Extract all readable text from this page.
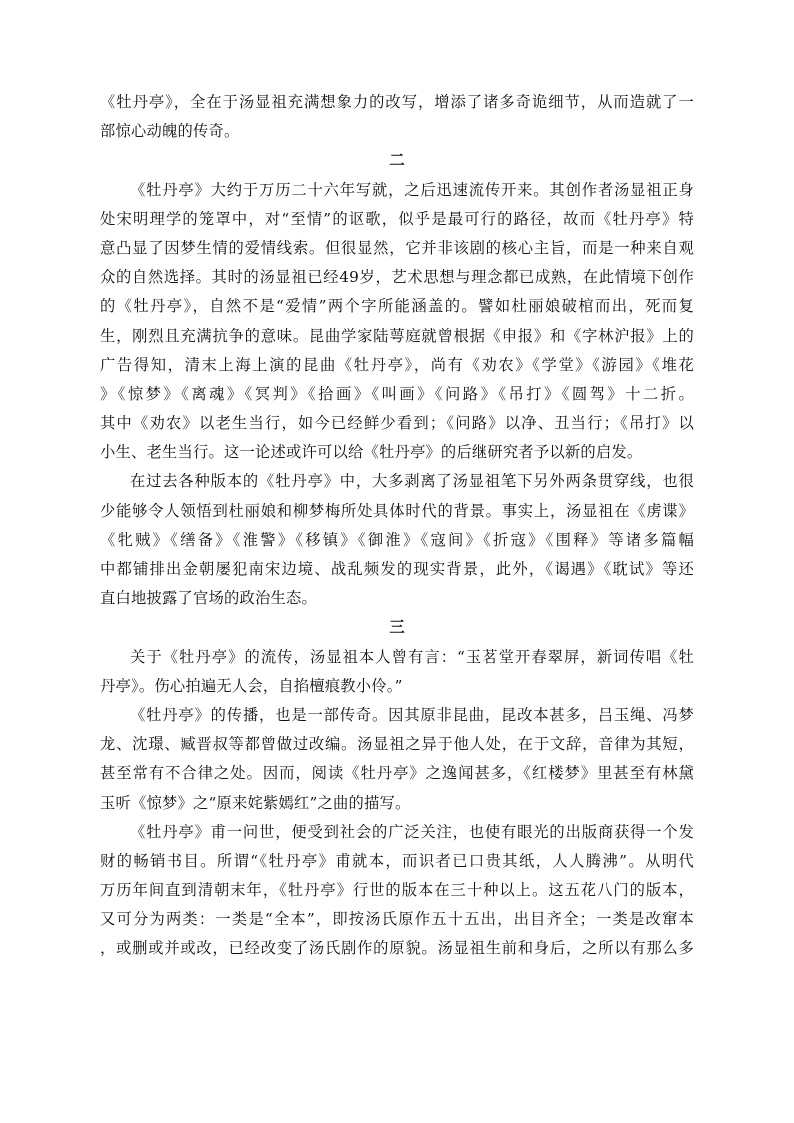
《牡丹亭》，全在于汤显祖充满想象力的改写，增添了诸多奇诡细节，从而造就了一

部惊心动魄的传奇。

二

《牡丹亭》大约于万历二十六年写就，之后迅速流传开来。其创作者汤显祖正身

处宋明理学的笼罩中，对“至情”的讴歌，似乎是最可行的路径，故而《牡丹亭》特

意凸显了因梦生情的爱情线索。但很显然，它并非该剧的核心主旨，而是一种来自观

众的自然选择。其时的汤显祖已经49岁，艺术思想与理念都已成熟，在此情境下创作

的《牡丹亭》，自然不是“爱情”两个字所能涵盖的。譬如杜丽娘破棺而出，死而复

生，刚烈且充满抗争的意味。昆曲学家陆萼庭就曾根据《申报》和《字林沪报》上的

广告得知，清末上海上演的昆曲《牡丹亭》，尚有《劝农》《学堂》《游园》《堆花

》《惊梦》《离魂》《冥判》《拾画》《叫画》《问路》《吊打》《圆驾》十二折。

其中《劝农》以老生当行，如今已经鲜少看到；《问路》以净、丑当行；《吊打》以

小生、老生当行。这一论述或许可以给《牡丹亭》的后继研究者予以新的启发。

在过去各种版本的《牡丹亭》中，大多剥离了汤显祖笔下另外两条贯穿线，也很

少能够令人领悟到杜丽娘和柳梦梅所处具体时代的背景。事实上，汤显祖在《虏谍》

《牝贼》《缮备》《淮警》《移镇》《御淮》《寇间》《折寇》《围释》等诸多篇幅

中都铺排出金朝屡犯南宋边境、战乱频发的现实背景，此外，《谒遇》《耽试》等还

直白地披露了官场的政治生态。

三

关于《牡丹亭》的流传，汤显祖本人曾有言：“玉茗堂开春翠屏，新词传唱《牡

丹亭》。伤心拍遍无人会，自掐檀痕教小伶。”

《牡丹亭》的传播，也是一部传奇。因其原非昆曲，昆改本甚多，吕玉绳、冯梦

龙、沈璟、臧晋叔等都曾做过改编。汤显祖之异于他人处，在于文辞，音律为其短，

甚至常有不合律之处。因而，阅读《牡丹亭》之逸闻甚多，《红楼梦》里甚至有林黛

玉听《惊梦》之“原来姹紫嫣红”之曲的描写。

《牡丹亭》甫一问世，便受到社会的广泛关注，也使有眼光的出版商获得一个发

财的畅销书目。所谓“《牡丹亭》甫就本，而识者已口贵其纸，人人腾沸”。从明代

万历年间直到清朝末年，《牡丹亭》行世的版本在三十种以上。这五花八门的版本，

又可分为两类：一类是“全本”，即按汤氏原作五十五出，出目齐全；一类是改窜本

，或删或并或改，已经改变了汤氏剧作的原貌。汤显祖生前和身后，之所以有那么多
